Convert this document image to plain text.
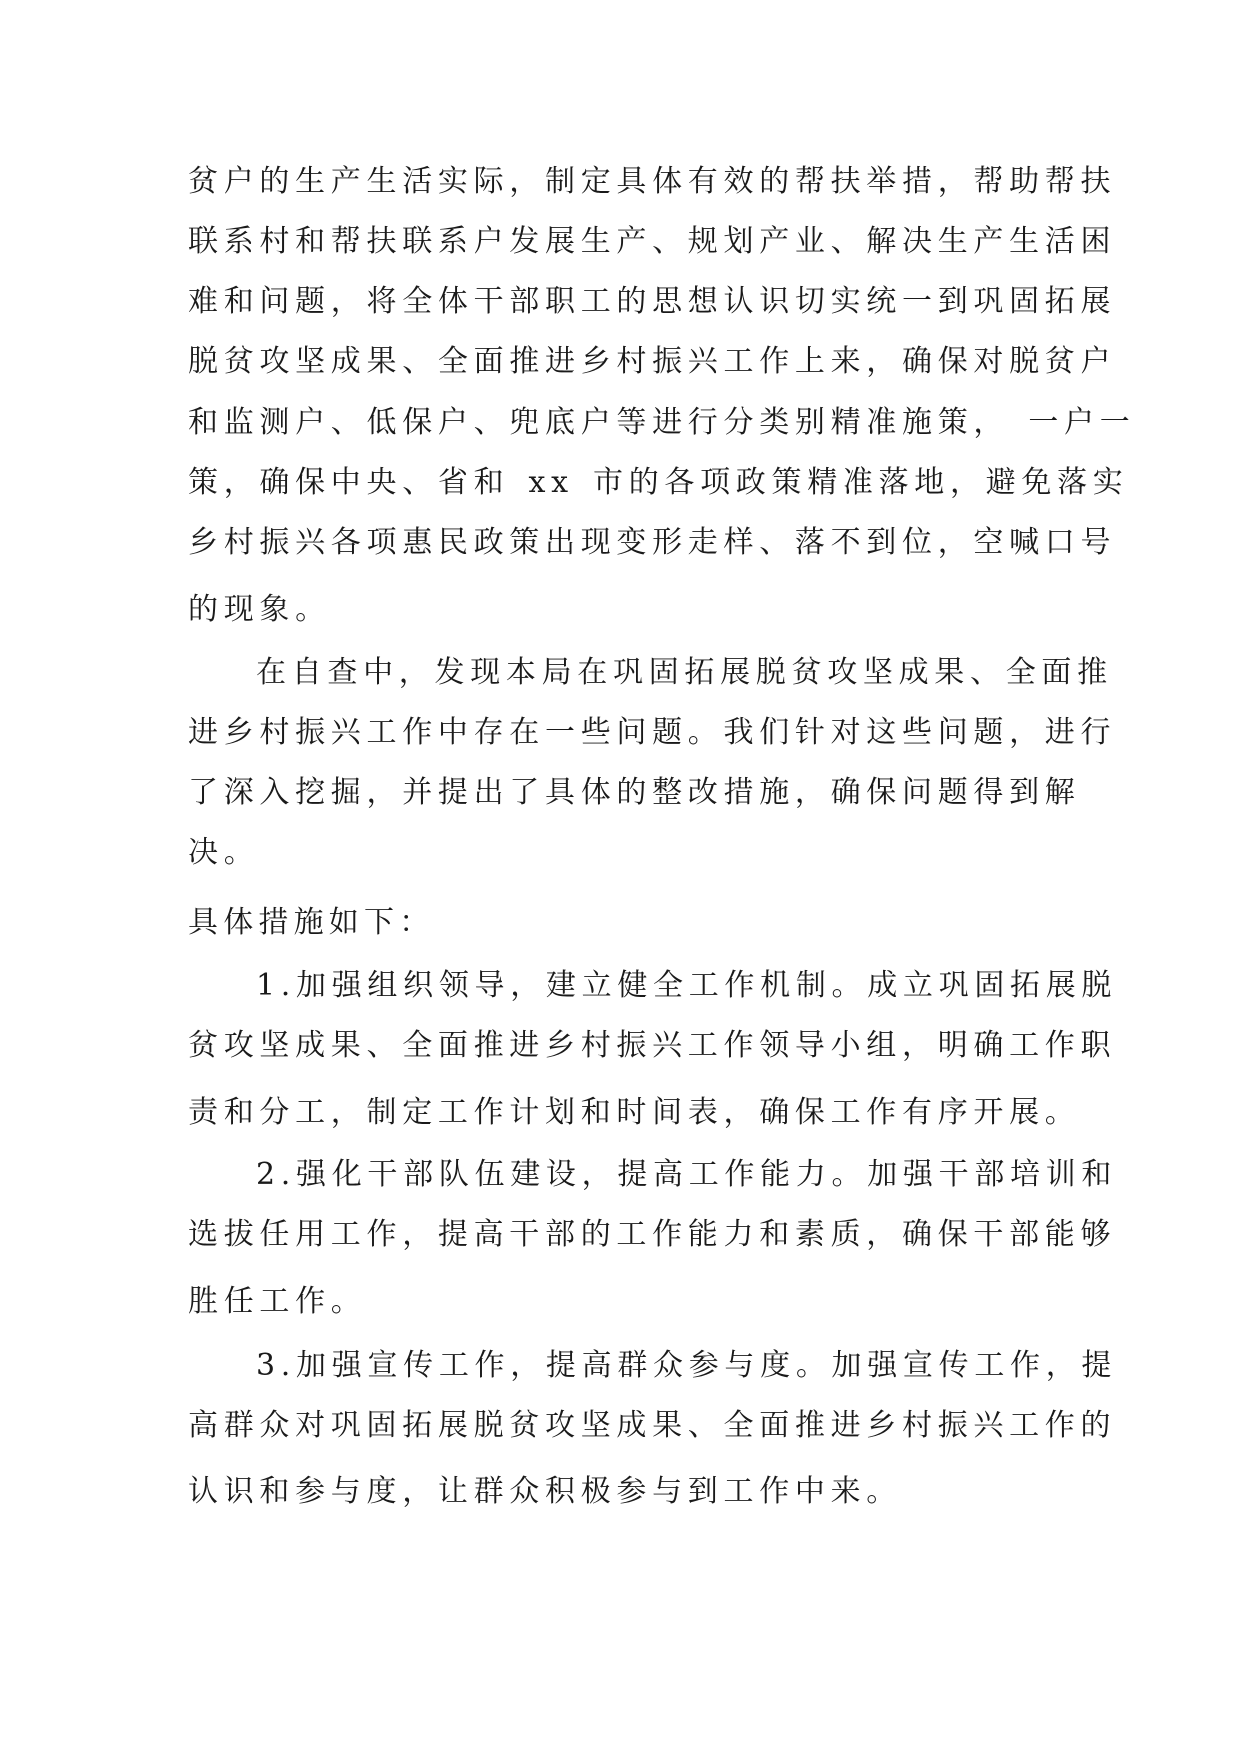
贫户的生产生活实际，制定具体有效的帮扶举措，帮助帮扶

联系村和帮扶联系户发展生产、规划产业、解决生产生活困

难和问题，将全体干部职工的思想认识切实统一到巩固拓展

脱贫攻坚成果、全面推进乡村振兴工作上来，确保对脱贫户

和监测户、低保户、兜底户等进行分类别精准施策， 一户一

策，确保中央、省和 xx 市的各项政策精准落地，避免落实

乡村振兴各项惠民政策出现变形走样、落不到位，空喊口号

的现象。

在自查中，发现本局在巩固拓展脱贫攻坚成果、全面推

进乡村振兴工作中存在一些问题。我们针对这些问题，进行

了深入挖掘，并提出了具体的整改措施，确保问题得到解

决。

具体措施如下：

1.加强组织领导，建立健全工作机制。成立巩固拓展脱

贫攻坚成果、全面推进乡村振兴工作领导小组，明确工作职

责和分工，制定工作计划和时间表，确保工作有序开展。

2.强化干部队伍建设，提高工作能力。加强干部培训和

选拔任用工作，提高干部的工作能力和素质，确保干部能够

胜任工作。

3.加强宣传工作，提高群众参与度。加强宣传工作，提

高群众对巩固拓展脱贫攻坚成果、全面推进乡村振兴工作的

认识和参与度，让群众积极参与到工作中来。
